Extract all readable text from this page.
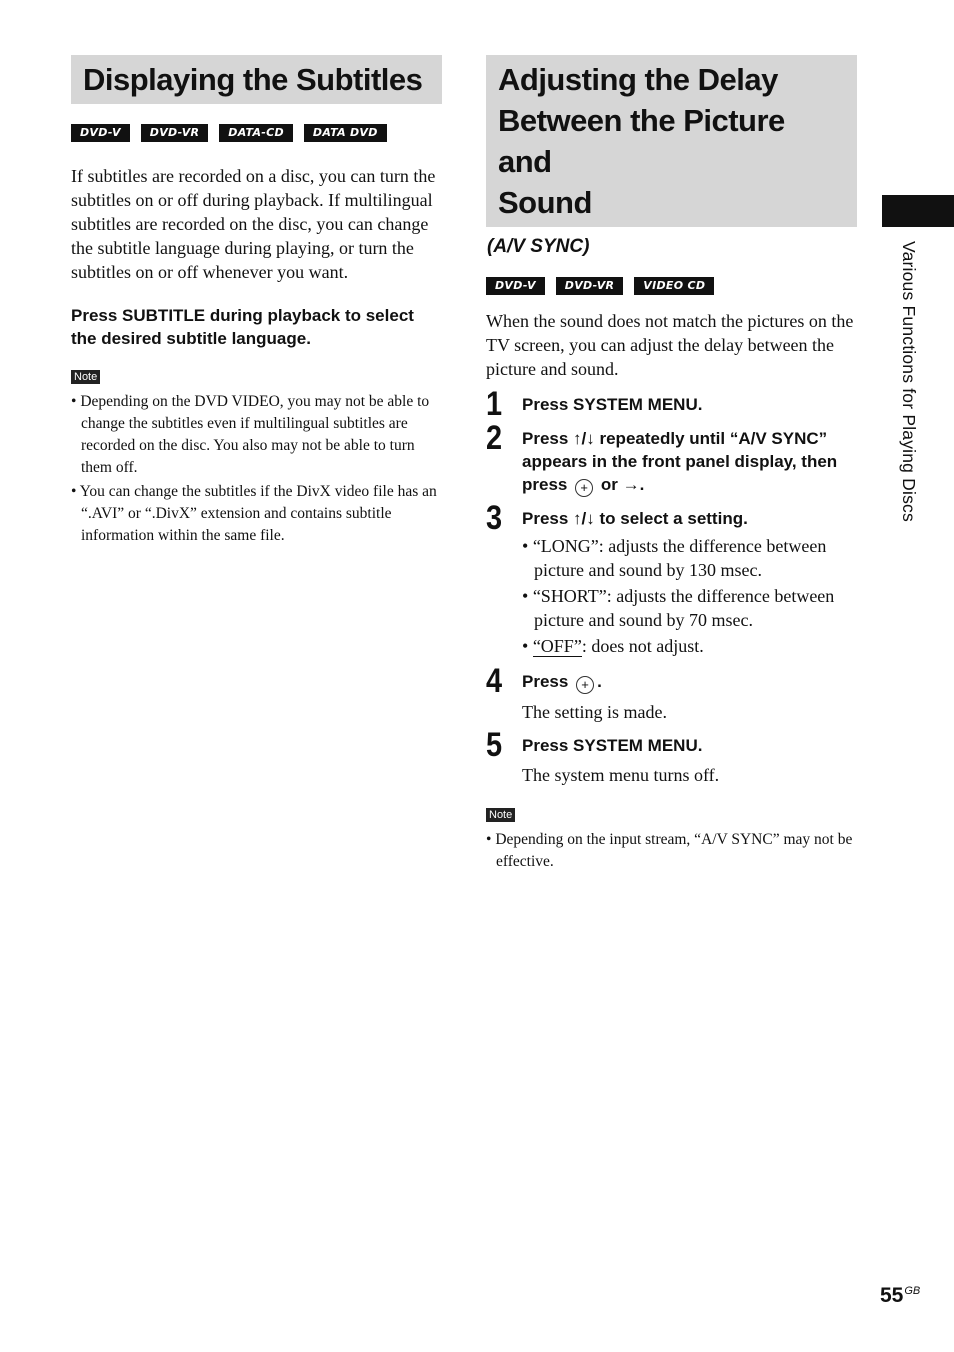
Displaying the Subtitles
DVD-V	DVD-VR	DATA-CD	DATA DVD

If subtitles are recorded on a disc, you can turn the subtitles on or off during playback. If multilingual subtitles are recorded on the disc, you can change the subtitle language during playing, or turn the subtitles on or off whenever you want.

Press SUBTITLE during playback to select the desired subtitle language.

Note
• Depending on the DVD VIDEO, you may not be able to change the subtitles even if multilingual subtitles are recorded on the disc. You also may not be able to turn them off.
• You can change the subtitles if the DivX video file has an “.AVI” or “.DivX” extension and contains subtitle information within the same file.
Adjusting the Delay
Between the Picture and
Sound
(A/V SYNC)
DVD-V	DVD-VR	VIDEO CD

When the sound does not match the pictures on the TV screen, you can adjust the delay between the picture and sound.

1 Press SYSTEM MENU.

2 Press ↑/↓ repeatedly until “A/V SYNC” appears in the front panel display, then press + or →.

3 Press ↑/↓ to select a setting.

• “LONG”: adjusts the difference between picture and sound by 130 msec.
• “SHORT”: adjusts the difference between picture and sound by 70 msec.
• “OFF”: does not adjust.
4 Press + .

The setting is made.

5 Press SYSTEM MENU.

The system menu turns off.

Note
• Depending on the input stream, “A/V SYNC” may not be effective.
Various Functions for Playing Discs
$55^{GB}$
